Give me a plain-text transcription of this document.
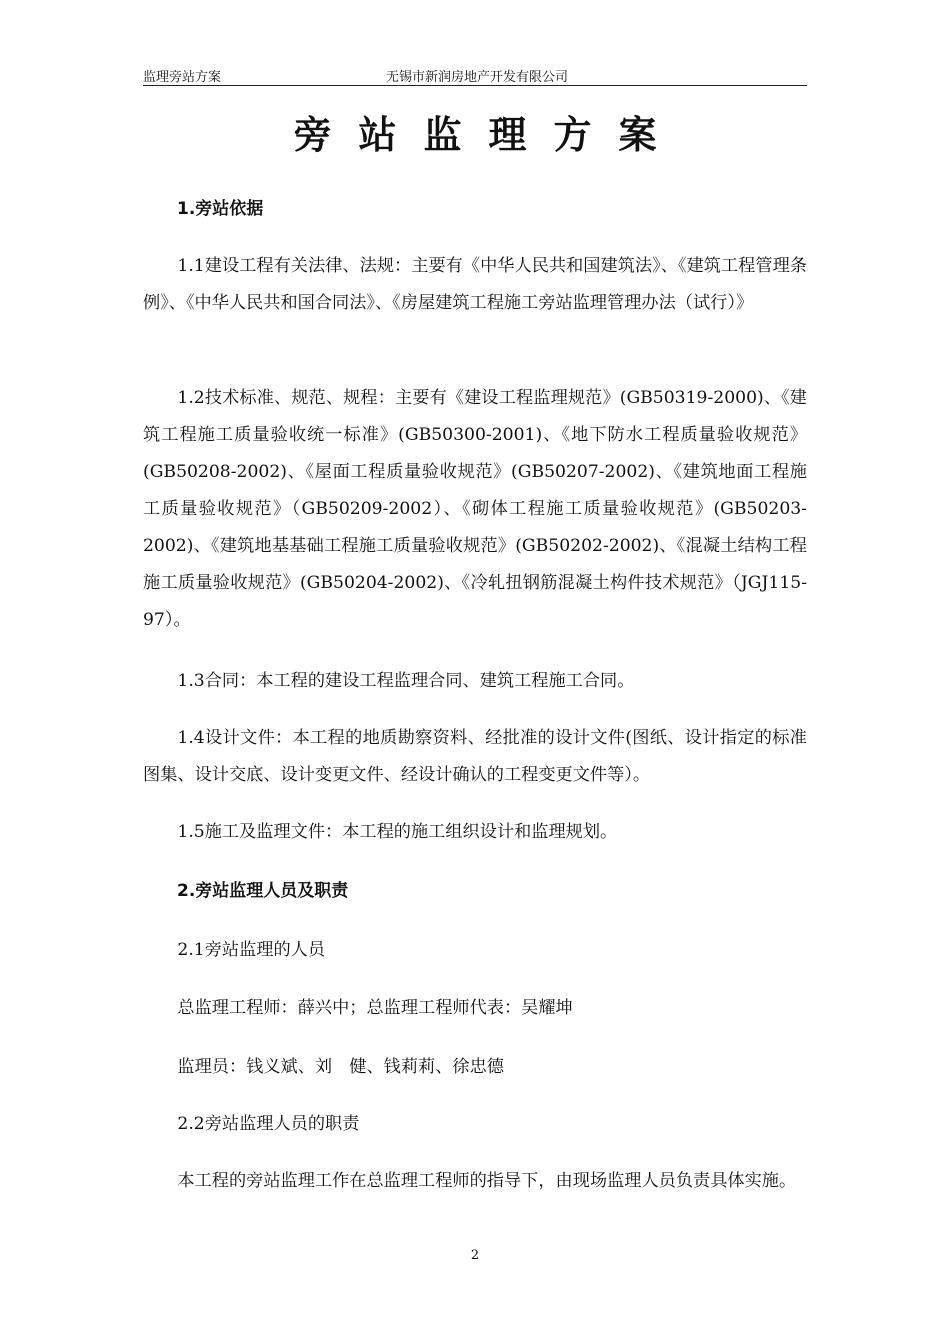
监理旁站方案	无锡市新润房地产开发有限公司
旁站监理方案
1.旁站依据
1.1建设工程有关法律、法规：主要有《中华人民共和国建筑法》、《建筑工程管理条例》、《中华人民共和国合同法》、《房屋建筑工程施工旁站监理管理办法（试行）》
1.2技术标准、规范、规程：主要有《建设工程监理规范》(GB50319-2000)、《建筑工程施工质量验收统一标准》(GB50300-2001)、《地下防水工程质量验收规范》(GB50208-2002)、《屋面工程质量验收规范》(GB50207-2002)、《建筑地面工程施工质量验收规范》（GB50209-2002）、《砌体工程施工质量验收规范》(GB50203-2002)、《建筑地基基础工程施工质量验收规范》(GB50202-2002)、《混凝土结构工程施工质量验收规范》(GB50204-2002)、《冷轧扭钢筋混凝土构件技术规范》（JGJ115-97）。
1.3合同：本工程的建设工程监理合同、建筑工程施工合同。
1.4设计文件：本工程的地质勘察资料、经批准的设计文件(图纸、设计指定的标准图集、设计交底、设计变更文件、经设计确认的工程变更文件等）。
1.5施工及监理文件：本工程的施工组织设计和监理规划。
2.旁站监理人员及职责
2.1旁站监理的人员
总监理工程师：薛兴中；总监理工程师代表：吴耀坤
监理员：钱义斌、刘　健、钱莉莉、徐忠德
2.2旁站监理人员的职责
本工程的旁站监理工作在总监理工程师的指导下，由现场监理人员负责具体实施。
2
